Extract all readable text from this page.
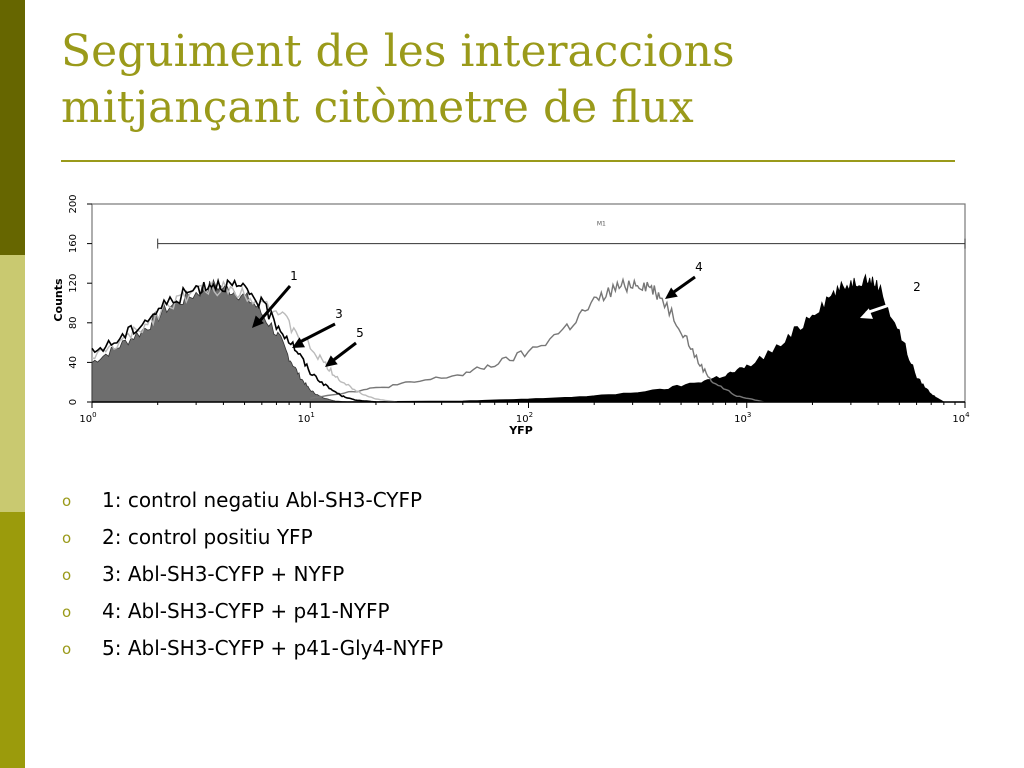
Seguiment de les interaccions mitjançant citòmetre de flux
Counts
YFP
0
40
80
120
160
200
$10^0$	$10^1$	$10^2$	$10^3$	$10^4$
M1
1
3
5
4
2
o 1: control negatiu Abl-SH3-CYFP
o 2: control positiu YFP
o 3: Abl-SH3-CYFP + NYFP
o 4: Abl-SH3-CYFP + p41-NYFP
o 5: Abl-SH3-CYFP + p41-Gly4-NYFP
